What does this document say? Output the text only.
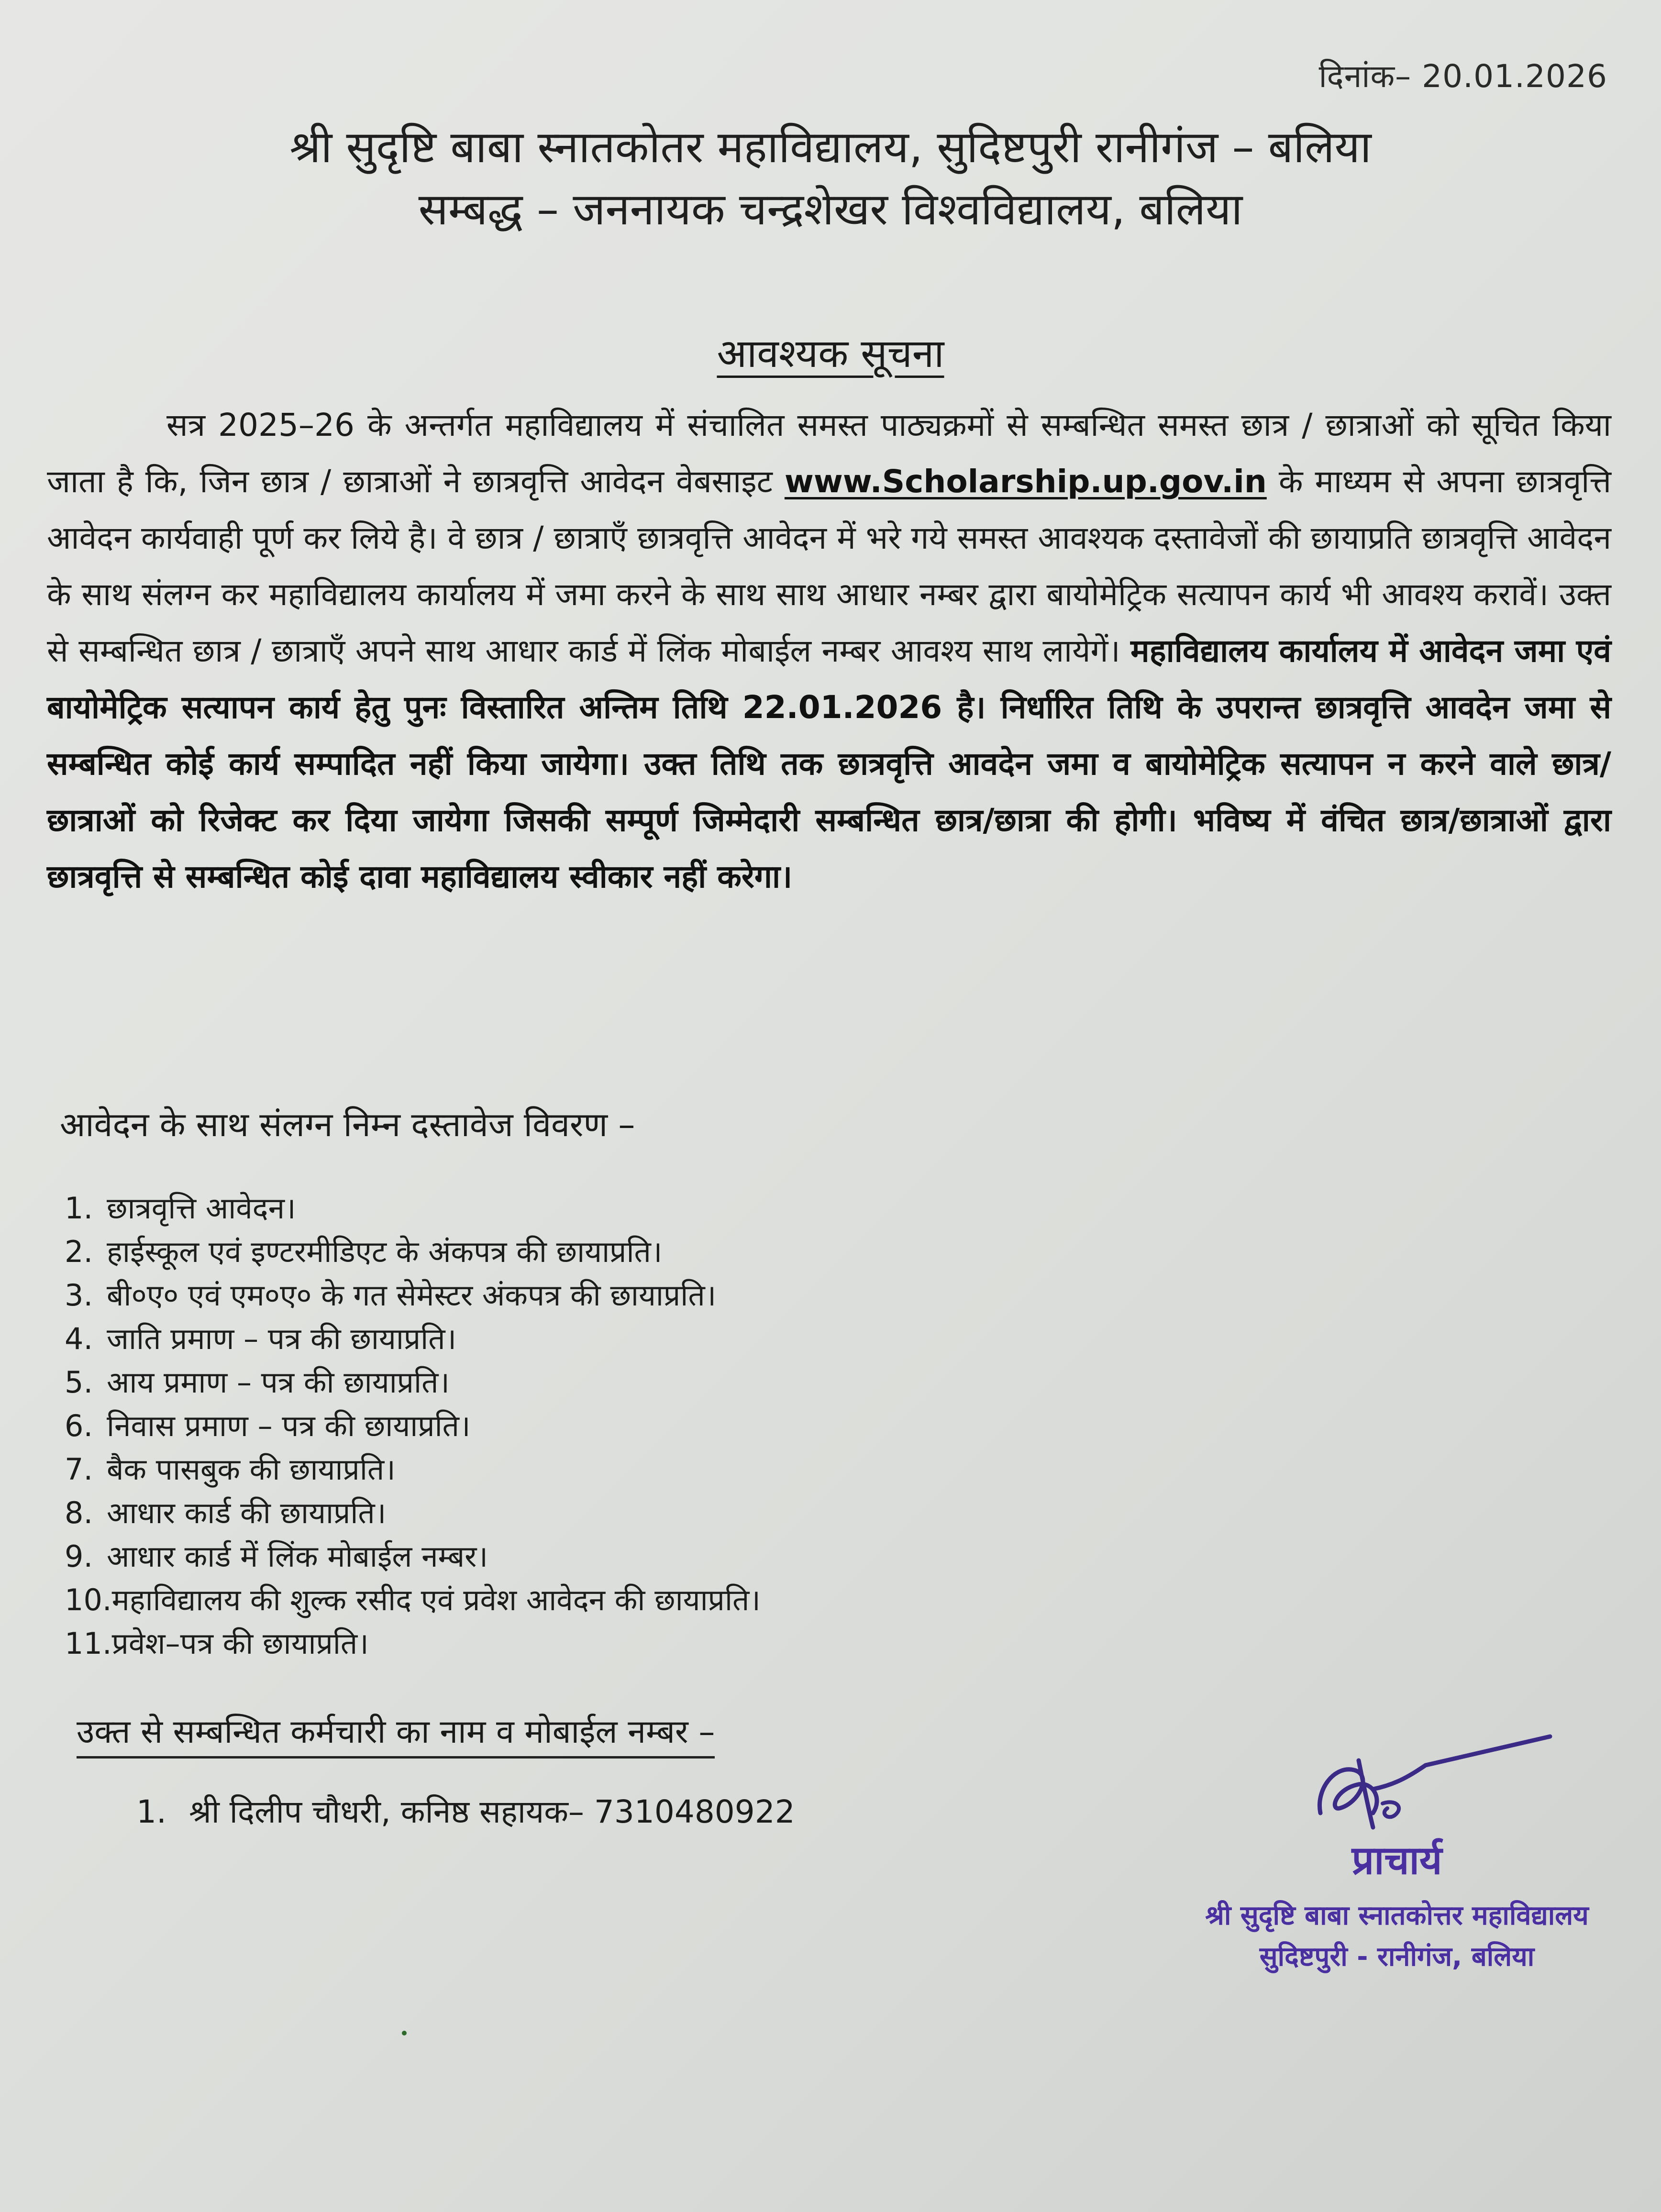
दिनांक– 20.01.2026
श्री सुदृष्टि बाबा स्नातकोतर महाविद्यालय, सुदिष्टपुरी रानीगंज – बलिया
सम्बद्ध – जननायक चन्द्रशेखर विश्वविद्यालय, बलिया
आवश्यक सूचना
सत्र 2025–26 के अन्तर्गत महाविद्यालय में संचालित समस्त पाठ्यक्रमों से सम्बन्धित समस्त छात्र / छात्राओं को सूचित किया जाता है कि, जिन छात्र / छात्राओं ने छात्रवृत्ति आवेदन वेबसाइट www.Scholarship.up.gov.in के माध्यम से अपना छात्रवृत्ति आवेदन कार्यवाही पूर्ण कर लिये है। वे छात्र / छात्राएँ छात्रवृत्ति आवेदन में भरे गये समस्त आवश्यक दस्तावेजों की छायाप्रति छात्रवृत्ति आवेदन के साथ संलग्न कर महाविद्यालय कार्यालय में जमा करने के साथ साथ आधार नम्बर द्वारा बायोमेट्रिक सत्यापन कार्य भी आवश्य करावें। उक्त से सम्बन्धित छात्र / छात्राएँ अपने साथ आधार कार्ड में लिंक मोबाईल नम्बर आवश्य साथ लायेगें। महाविद्यालय कार्यालय में आवेदन जमा एवं बायोमेट्रिक सत्यापन कार्य हेतु पुनः विस्तारित अन्तिम तिथि 22.01.2026 है। निर्धारित तिथि के उपरान्त छात्रवृत्ति आवदेन जमा से सम्बन्धित कोई कार्य सम्पादित नहीं किया जायेगा। उक्त तिथि तक छात्रवृत्ति आवदेन जमा व बायोमेट्रिक सत्यापन न करने वाले छात्र/छात्राओं को रिजेक्ट कर दिया जायेगा जिसकी सम्पूर्ण जिम्मेदारी सम्बन्धित छात्र/छात्रा की होगी। भविष्य में वंचित छात्र/छात्राओं द्वारा छात्रवृत्ति से सम्बन्धित कोई दावा महाविद्यालय स्वीकार नहीं करेगा।
आवेदन के साथ संलग्न निम्न दस्तावेज विवरण –
1. छात्रवृत्ति आवेदन।
2. हाईस्कूल एवं इण्टरमीडिएट के अंकपत्र की छायाप्रति।
3. बी०ए० एवं एम०ए० के गत सेमेस्टर अंकपत्र की छायाप्रति।
4. जाति प्रमाण – पत्र की छायाप्रति।
5. आय प्रमाण – पत्र की छायाप्रति।
6. निवास प्रमाण – पत्र की छायाप्रति।
7. बैक पासबुक की छायाप्रति।
8. आधार कार्ड की छायाप्रति।
9. आधार कार्ड में लिंक मोबाईल नम्बर।
10.महाविद्यालय की शुल्क रसीद एवं प्रवेश आवेदन की छायाप्रति।
11.प्रवेश–पत्र की छायाप्रति।
उक्त से सम्बन्धित कर्मचारी का नाम व मोबाईल नम्बर –
1. श्री दिलीप चौधरी, कनिष्ठ सहायक– 7310480922
प्राचार्य
श्री सुदृष्टि बाबा स्नातकोत्तर महाविद्यालय
सुदिष्टपुरी - रानीगंज, बलिया
